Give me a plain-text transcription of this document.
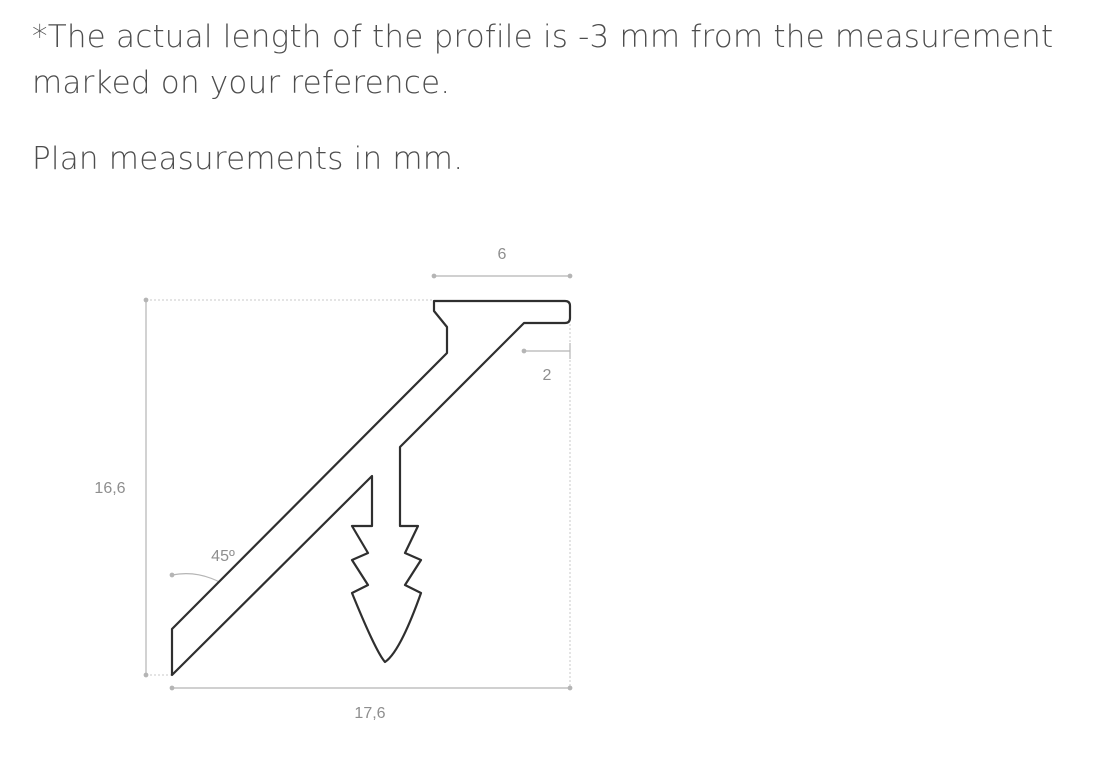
*The actual length of the profile is -3 mm from the measurement marked on your reference.

Plan measurements in mm.

6
2
16,6
17,6
45º
